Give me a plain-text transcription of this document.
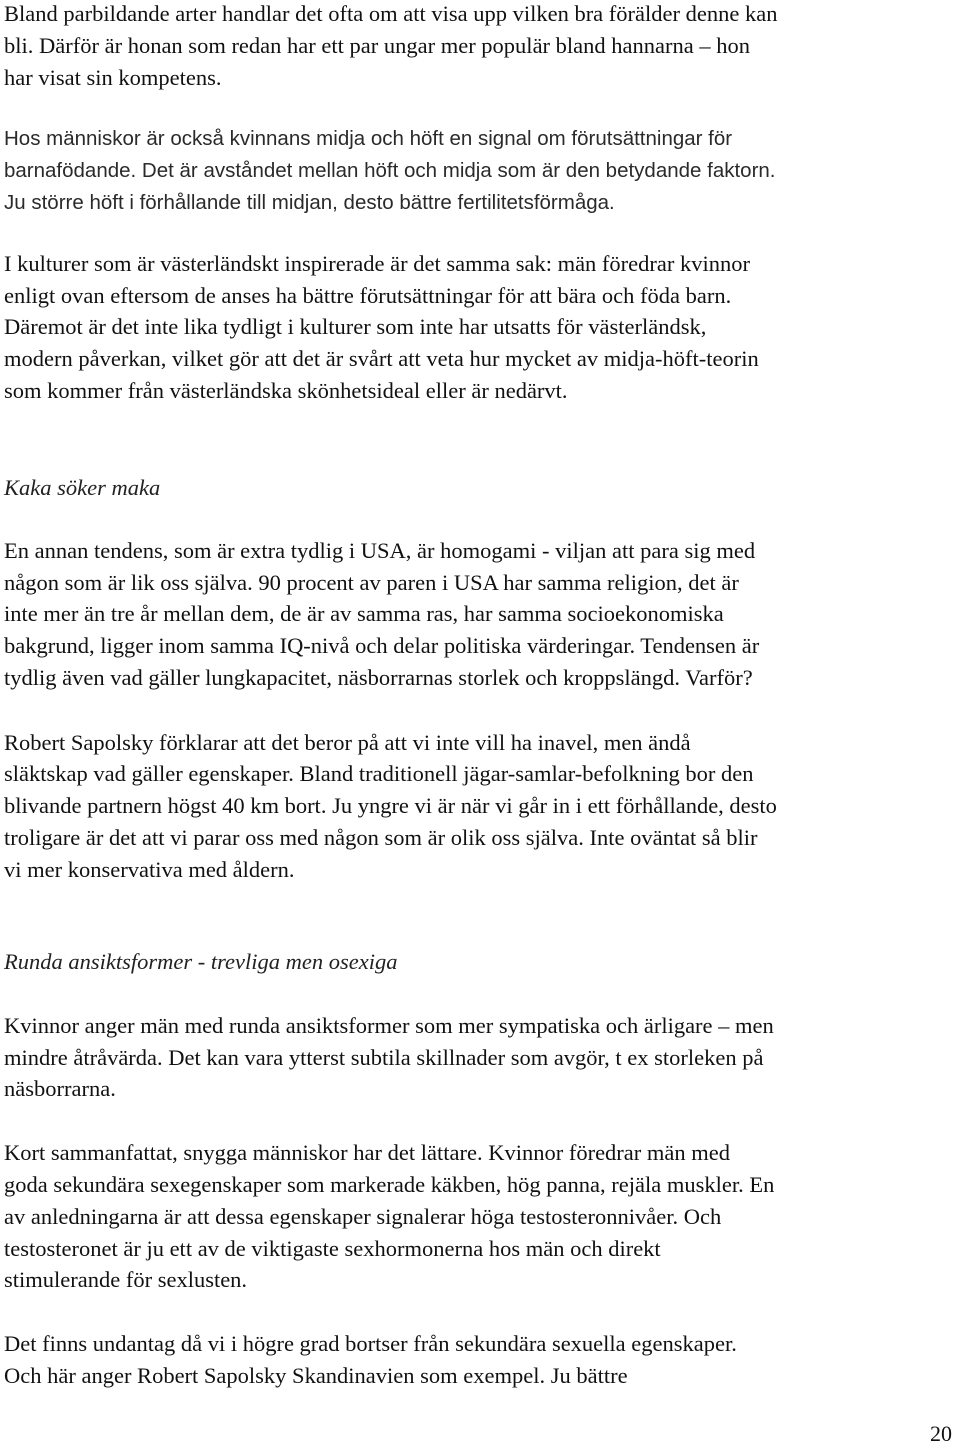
Bland parbildande arter handlar det ofta om att visa upp vilken bra förälder denne kan

bli. Därför är honan som redan har ett par ungar mer populär bland hannarna – hon

har visat sin kompetens.

Hos människor är också kvinnans midja och höft en signal om förutsättningar för

barnafödande. Det är avståndet mellan höft och midja som är den betydande faktorn.

Ju större höft i förhållande till midjan, desto bättre fertilitetsförmåga.

I kulturer som är västerländskt inspirerade är det samma sak: män föredrar kvinnor

enligt ovan eftersom de anses ha bättre förutsättningar för att bära och föda barn.

Däremot är det inte lika tydligt i kulturer som inte har utsatts för västerländsk,

modern påverkan, vilket gör att det är svårt att veta hur mycket av midja-höft-teorin

som kommer från västerländska skönhetsideal eller är nedärvt.

Kaka söker maka

En annan tendens, som är extra tydlig i USA, är homogami - viljan att para sig med

någon som är lik oss själva. 90 procent av paren i USA har samma religion, det är

inte mer än tre år mellan dem, de är av samma ras, har samma socioekonomiska

bakgrund, ligger inom samma IQ-nivå och delar politiska värderingar. Tendensen är

tydlig även vad gäller lungkapacitet, näsborrarnas storlek och kroppslängd. Varför?

Robert Sapolsky förklarar att det beror på att vi inte vill ha inavel, men ändå

släktskap vad gäller egenskaper. Bland traditionell jägar-samlar-befolkning bor den

blivande partnern högst 40 km bort. Ju yngre vi är när vi går in i ett förhållande, desto

troligare är det att vi parar oss med någon som är olik oss själva. Inte oväntat så blir

vi mer konservativa med åldern.

Runda ansiktsformer - trevliga men osexiga

Kvinnor anger män med runda ansiktsformer som mer sympatiska och ärligare – men

mindre åtråvärda. Det kan vara ytterst subtila skillnader som avgör, t ex storleken på

näsborrarna.

Kort sammanfattat, snygga människor har det lättare. Kvinnor föredrar män med

goda sekundära sexegenskaper som markerade käkben, hög panna, rejäla muskler. En

av anledningarna är att dessa egenskaper signalerar höga testosteronnivåer. Och

testosteronet är ju ett av de viktigaste sexhormonerna hos män och direkt

stimulerande för sexlusten.

Det finns undantag då vi i högre grad bortser från sekundära sexuella egenskaper.

Och här anger Robert Sapolsky Skandinavien som exempel. Ju bättre

20
